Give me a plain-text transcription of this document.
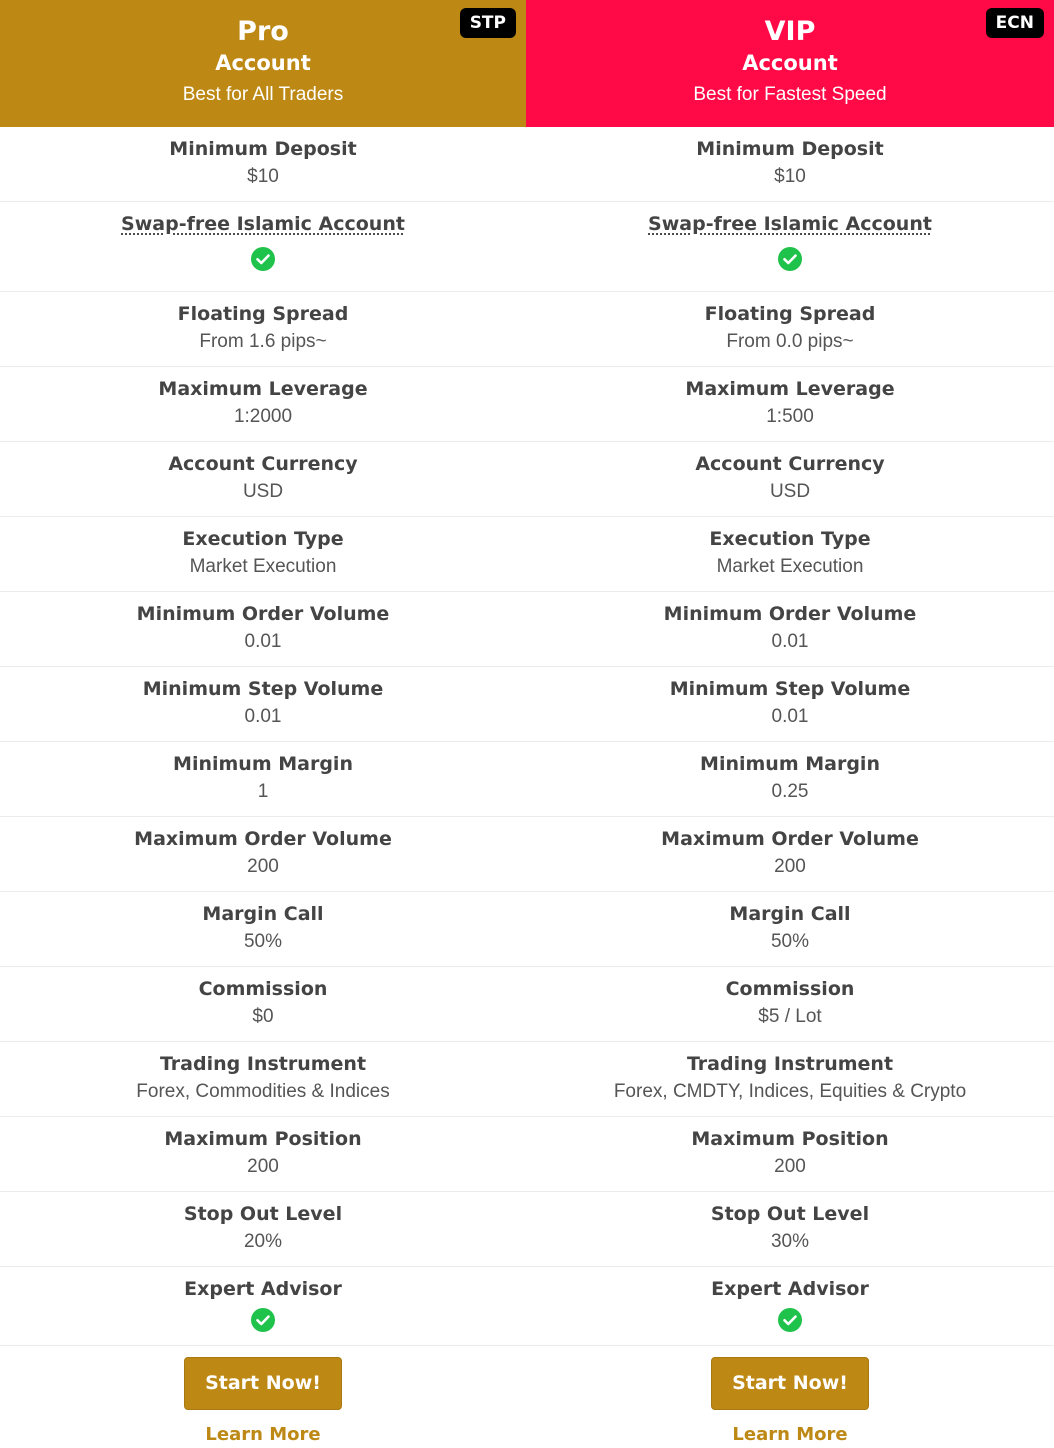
Pro
Account
Best for All Traders
STP
Minimum Deposit
$10
Swap-free Islamic Account
Floating Spread
From 1.6 pips~
Maximum Leverage
1:2000
Account Currency
USD
Execution Type
Market Execution
Minimum Order Volume
0.01
Minimum Step Volume
0.01
Minimum Margin
1
Maximum Order Volume
200
Margin Call
50%
Commission
$0
Trading Instrument
Forex, Commodities & Indices
Maximum Position
200
Stop Out Level
20%
Expert Advisor
Start Now!
Learn More
VIP
Account
Best for Fastest Speed
ECN
Minimum Deposit
$10
Swap-free Islamic Account
Floating Spread
From 0.0 pips~
Maximum Leverage
1:500
Account Currency
USD
Execution Type
Market Execution
Minimum Order Volume
0.01
Minimum Step Volume
0.01
Minimum Margin
0.25
Maximum Order Volume
200
Margin Call
50%
Commission
$5 / Lot
Trading Instrument
Forex, CMDTY, Indices, Equities & Crypto
Maximum Position
200
Stop Out Level
30%
Expert Advisor
Start Now!
Learn More
